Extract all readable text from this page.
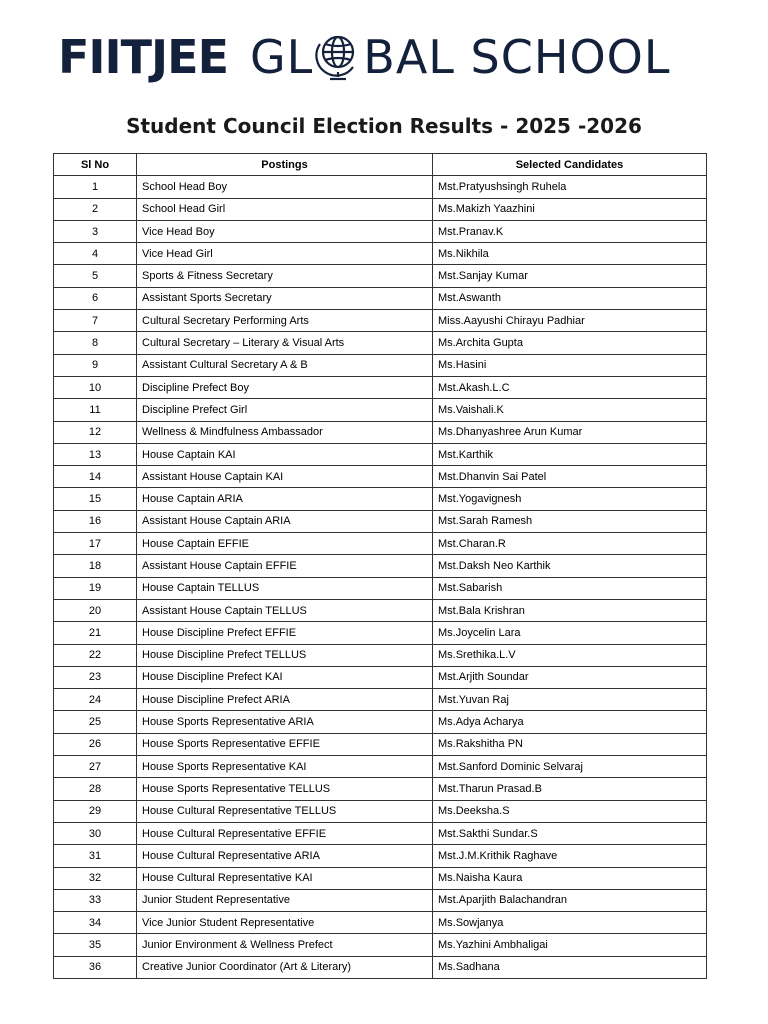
FIITJEE GL BAL SCHOOL
Student Council Election Results - 2025 -2026
Sl No	Postings	Selected Candidates
1	School Head Boy	Mst.Pratyushsingh Ruhela
2	School Head Girl	Ms.Makizh Yaazhini
3	Vice Head Boy	Mst.Pranav.K
4	Vice Head Girl	Ms.Nikhila
5	Sports & Fitness Secretary	Mst.Sanjay Kumar
6	Assistant Sports Secretary	Mst.Aswanth
7	Cultural Secretary Performing Arts	Miss.Aayushi Chirayu Padhiar
8	Cultural Secretary – Literary & Visual Arts	Ms.Archita Gupta
9	Assistant Cultural Secretary A & B	Ms.Hasini
10	Discipline Prefect Boy	Mst.Akash.L.C
11	Discipline Prefect Girl	Ms.Vaishali.K
12	Wellness & Mindfulness Ambassador	Ms.Dhanyashree Arun Kumar
13	House Captain KAI	Mst.Karthik
14	Assistant House Captain KAI	Mst.Dhanvin Sai Patel
15	House Captain ARIA	Mst.Yogavignesh
16	Assistant House Captain ARIA	Mst.Sarah Ramesh
17	House Captain EFFIE	Mst.Charan.R
18	Assistant House Captain EFFIE	Mst.Daksh Neo Karthik
19	House Captain TELLUS	Mst.Sabarish
20	Assistant House Captain TELLUS	Mst.Bala Krishran
21	House Discipline Prefect EFFIE	Ms.Joycelin Lara
22	House Discipline Prefect TELLUS	Ms.Srethika.L.V
23	House Discipline Prefect KAI	Mst.Arjith Soundar
24	House Discipline Prefect ARIA	Mst.Yuvan Raj
25	House Sports Representative ARIA	Ms.Adya Acharya
26	House Sports Representative EFFIE	Ms.Rakshitha PN
27	House Sports Representative KAI	Mst.Sanford Dominic Selvaraj
28	House Sports Representative TELLUS	Mst.Tharun Prasad.B
29	House Cultural Representative TELLUS	Ms.Deeksha.S
30	House Cultural Representative EFFIE	Mst.Sakthi Sundar.S
31	House Cultural Representative ARIA	Mst.J.M.Krithik Raghave
32	House Cultural Representative KAI	Ms.Naisha Kaura
33	Junior Student Representative	Mst.Aparjith Balachandran
34	Vice Junior Student Representative	Ms.Sowjanya
35	Junior Environment & Wellness Prefect	Ms.Yazhini Ambhaligai
36	Creative Junior Coordinator (Art & Literary)	Ms.Sadhana
